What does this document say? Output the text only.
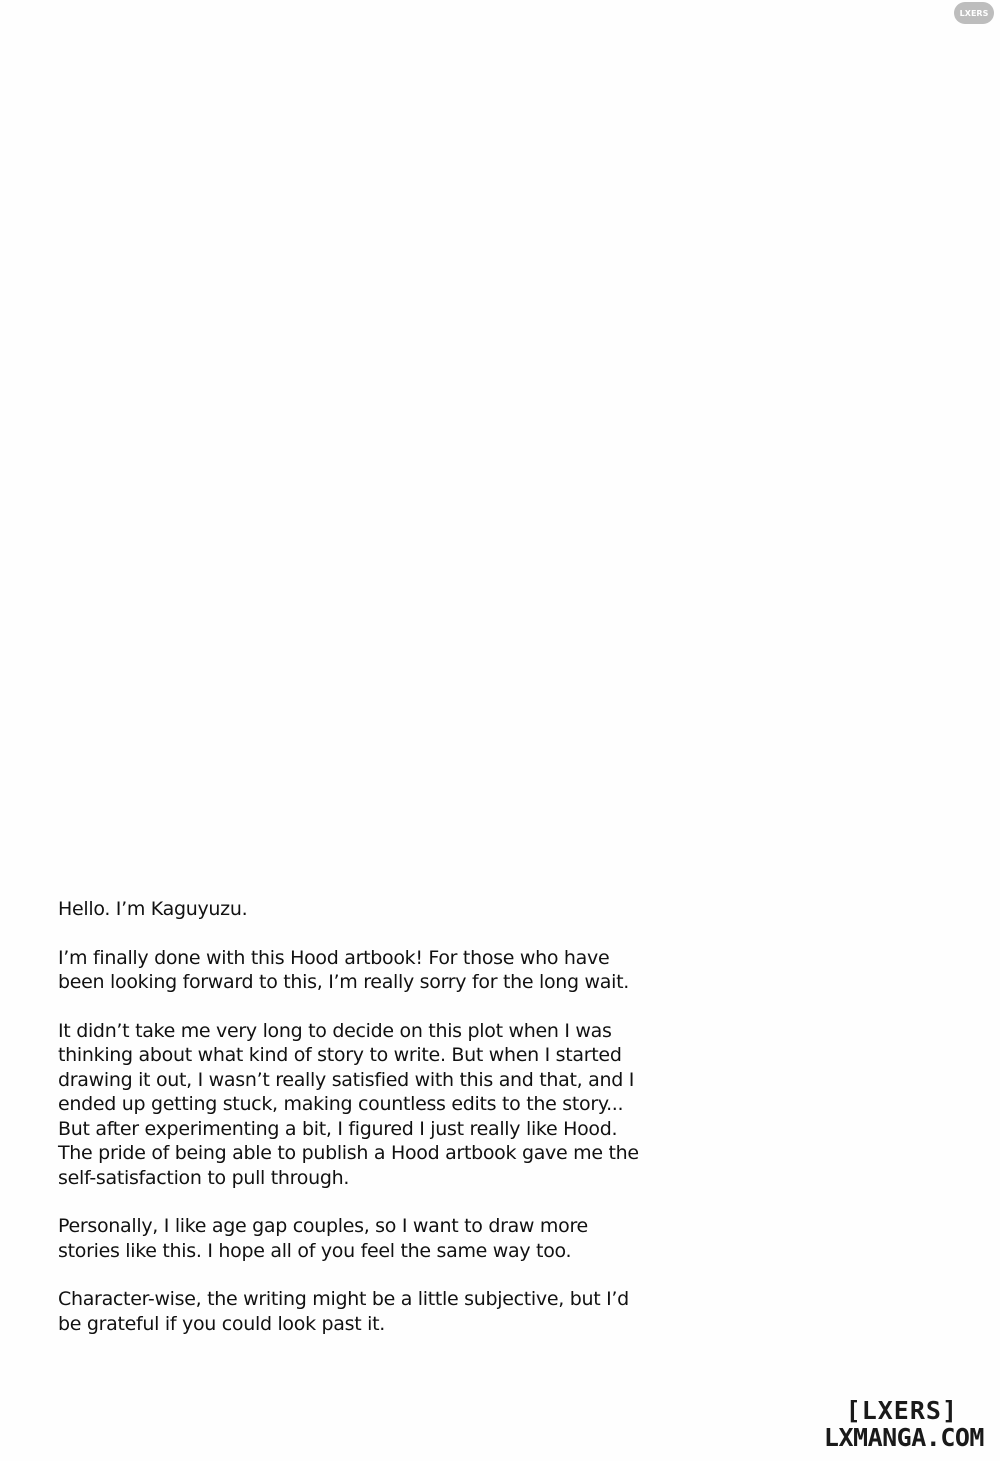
LXERS

Hello. I’m Kaguyuzu.

I’m finally done with this Hood artbook! For those who have
been looking forward to this, I’m really sorry for the long wait.

It didn’t take me very long to decide on this plot when I was
thinking about what kind of story to write. But when I started
drawing it out, I wasn’t really satisfied with this and that, and I
ended up getting stuck, making countless edits to the story...
But after experimenting a bit, I figured I just really like Hood.
The pride of being able to publish a Hood artbook gave me the
self-satisfaction to pull through.

Personally, I like age gap couples, so I want to draw more
stories like this. I hope all of you feel the same way too.

Character-wise, the writing might be a little subjective, but I’d
be grateful if you could look past it.

[LXERS]
LXMANGA.COM
